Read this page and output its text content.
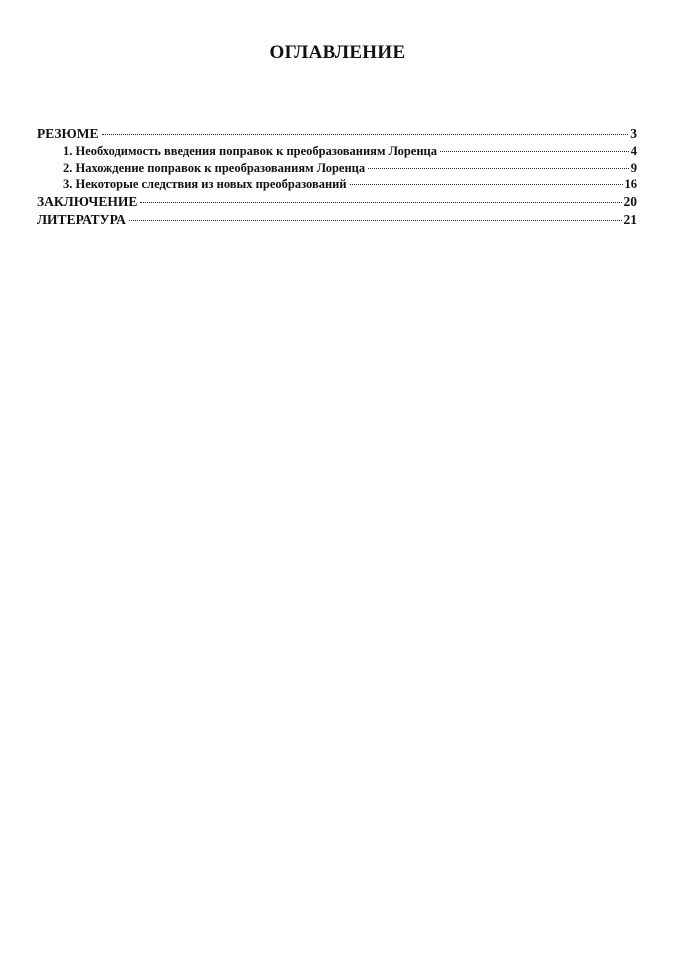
ОГЛАВЛЕНИЕ
РЕЗЮМЕ	3
1. Необходимость введения поправок к преобразованиям Лоренца	4
2. Нахождение поправок к преобразованиям Лоренца	9
3. Некоторые следствия из новых преобразований	16
ЗАКЛЮЧЕНИЕ	20
ЛИТЕРАТУРА	21
